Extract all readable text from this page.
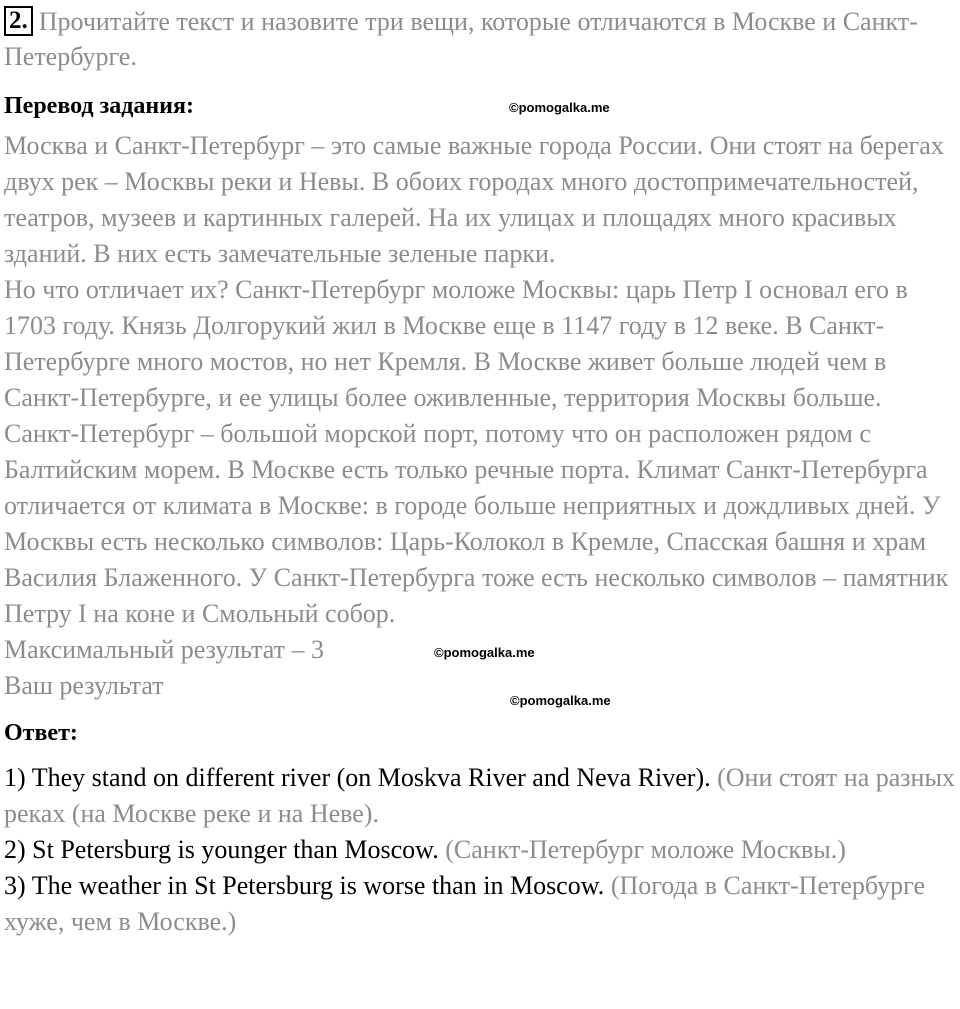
2. Прочитайте текст и назовите три вещи, которые отличаются в Москве и Санкт-Петербурге.
Перевод задания:	©pomogalka.me

Москва и Санкт-Петербург – это самые важные города России. Они стоят на берегах двух рек – Москвы реки и Невы. В обоих городах много достопримечательностей, театров, музеев и картинных галерей. На их улицах и площадях много красивых зданий. В них есть замечательные зеленые парки.

Но что отличает их? Санкт-Петербург моложе Москвы: царь Петр I основал его в 1703 году. Князь Долгорукий жил в Москве еще в 1147 году в 12 веке. В Санкт-Петербурге много мостов, но нет Кремля. В Москве живет больше людей чем в Санкт-Петербурге, и ее улицы более оживленные, территория Москвы больше. Санкт-Петербург – большой морской порт, потому что он расположен рядом с Балтийским морем. В Москве есть только речные порта. Климат Санкт-Петербурга отличается от климата в Москве: в городе больше неприятных и дождливых дней. У Москвы есть несколько символов: Царь-Колокол в Кремле, Спасская башня и храм Василия Блаженного. У Санкт-Петербурга тоже есть несколько символов – памятник Петру I на коне и Смольный собор.

Максимальный результат – 3	©pomogalka.me
Ваш результат
©pomogalka.me
Ответ:

1) They stand on different river (on Moskva River and Neva River). (Они стоят на разных реках (на Москве реке и на Неве).

2) St Petersburg is younger than Moscow. (Санкт-Петербург моложе Москвы.)

3) The weather in St Petersburg is worse than in Moscow. (Погода в Санкт-Петербурге хуже, чем в Москве.)
